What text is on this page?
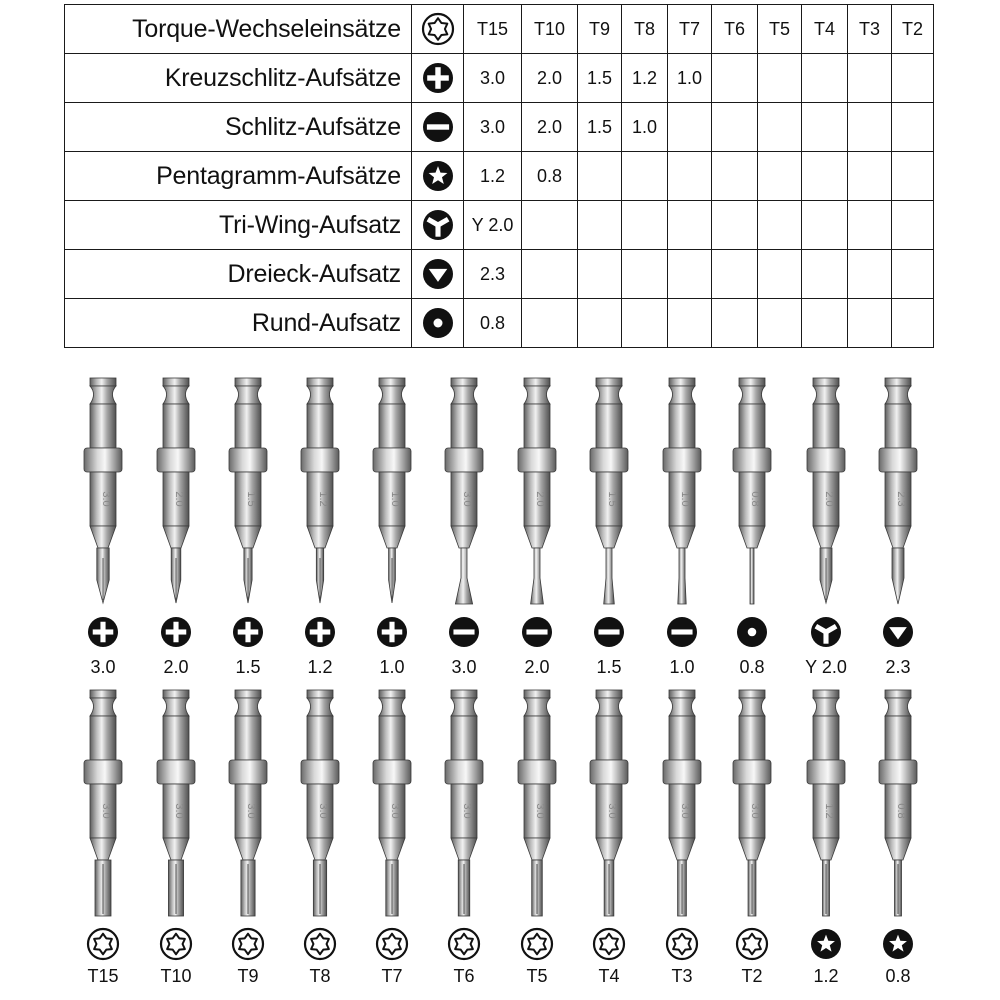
Torque-Wechseleinsätze		T15	T10	T9	T8	T7	T6	T5	T4	T3	T2
Kreuzschlitz-Aufsätze		3.0	2.0	1.5	1.2	1.0					
Schlitz-Aufsätze		3.0	2.0	1.5	1.0						
Pentagramm-Aufsätze		1.2	0.8								
Tri-Wing-Aufsatz		Y 2.0									
Dreieck-Aufsatz		2.3									
Rund-Aufsatz		0.8									
3.0	2.0	1.5	1.2	1.0	3.0	2.0	1.5	1.0	0.8	2.0	2.3
3.0	3.0	3.0	3.0	3.0	3.0	3.0	3.0	3.0	3.0	1.2	0.8
3.0	2.0	1.5	1.2	1.0	3.0	2.0	1.5	1.0	0.8	Y 2.0	2.3
T15	T10	T9	T8	T7	T6	T5	T4	T3	T2	1.2	0.8
